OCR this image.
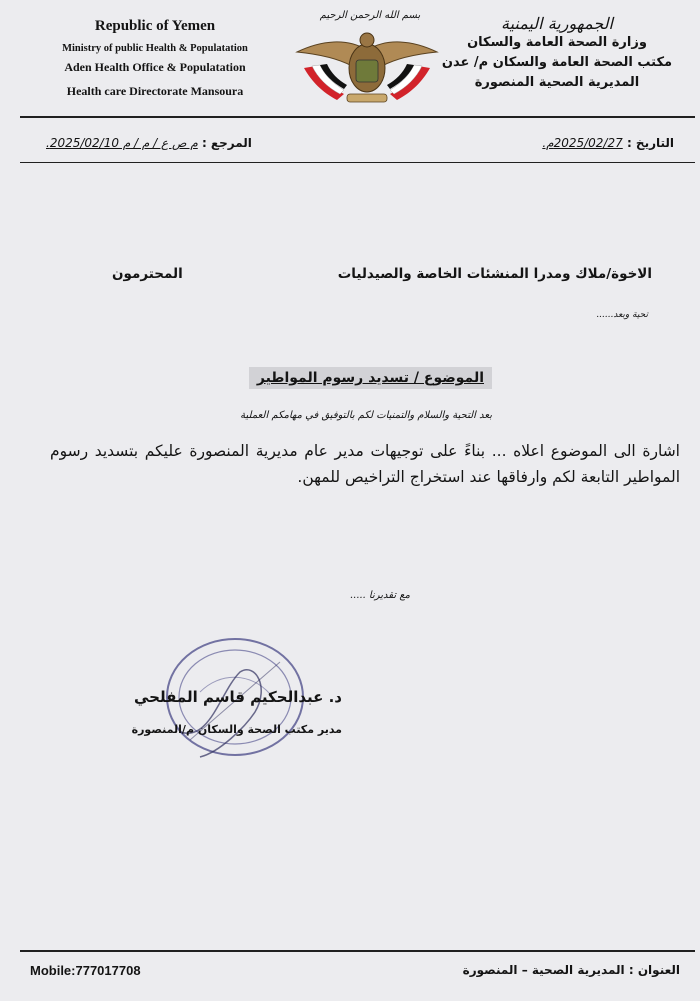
Republic of Yemen
Ministry of public Health & Populatation
Aden Health Office & Populatation
Health care Directorate Mansoura
بسم الله الرحمن الرحيم	الجمهورية اليمنية
وزارة الصحة العامة والسكان
مكتب الصحة العامة والسكان م/ عدن
المديرية الصحية المنصورة
التاريخ : 2025/02/27م.
المرجع : م ص ع / م / م 2025/02/10.
الاخوة/ملاك ومدرا المنشئات الخاصة والصيدليات
المحترمون
تحية وبعد......
الموضوع / تسديد رسوم المواطير
بعد التحية والسلام والتمنيات لكم بالتوفيق في مهامكم العملية
اشارة الى الموضوع اعلاه ... بناءً على توجيهات مدير عام مديرية المنصورة عليكم بتسديد رسوم المواطير التابعة لكم وارفاقها عند استخراج التراخيص للمهن.
مع تقديرنا .....
د. عبدالحكيم قاسم المفلحي
مدير مكتب الصحة والسكان م/المنصورة
Mobile:777017708	العنوان : المديرية الصحية – المنصورة
